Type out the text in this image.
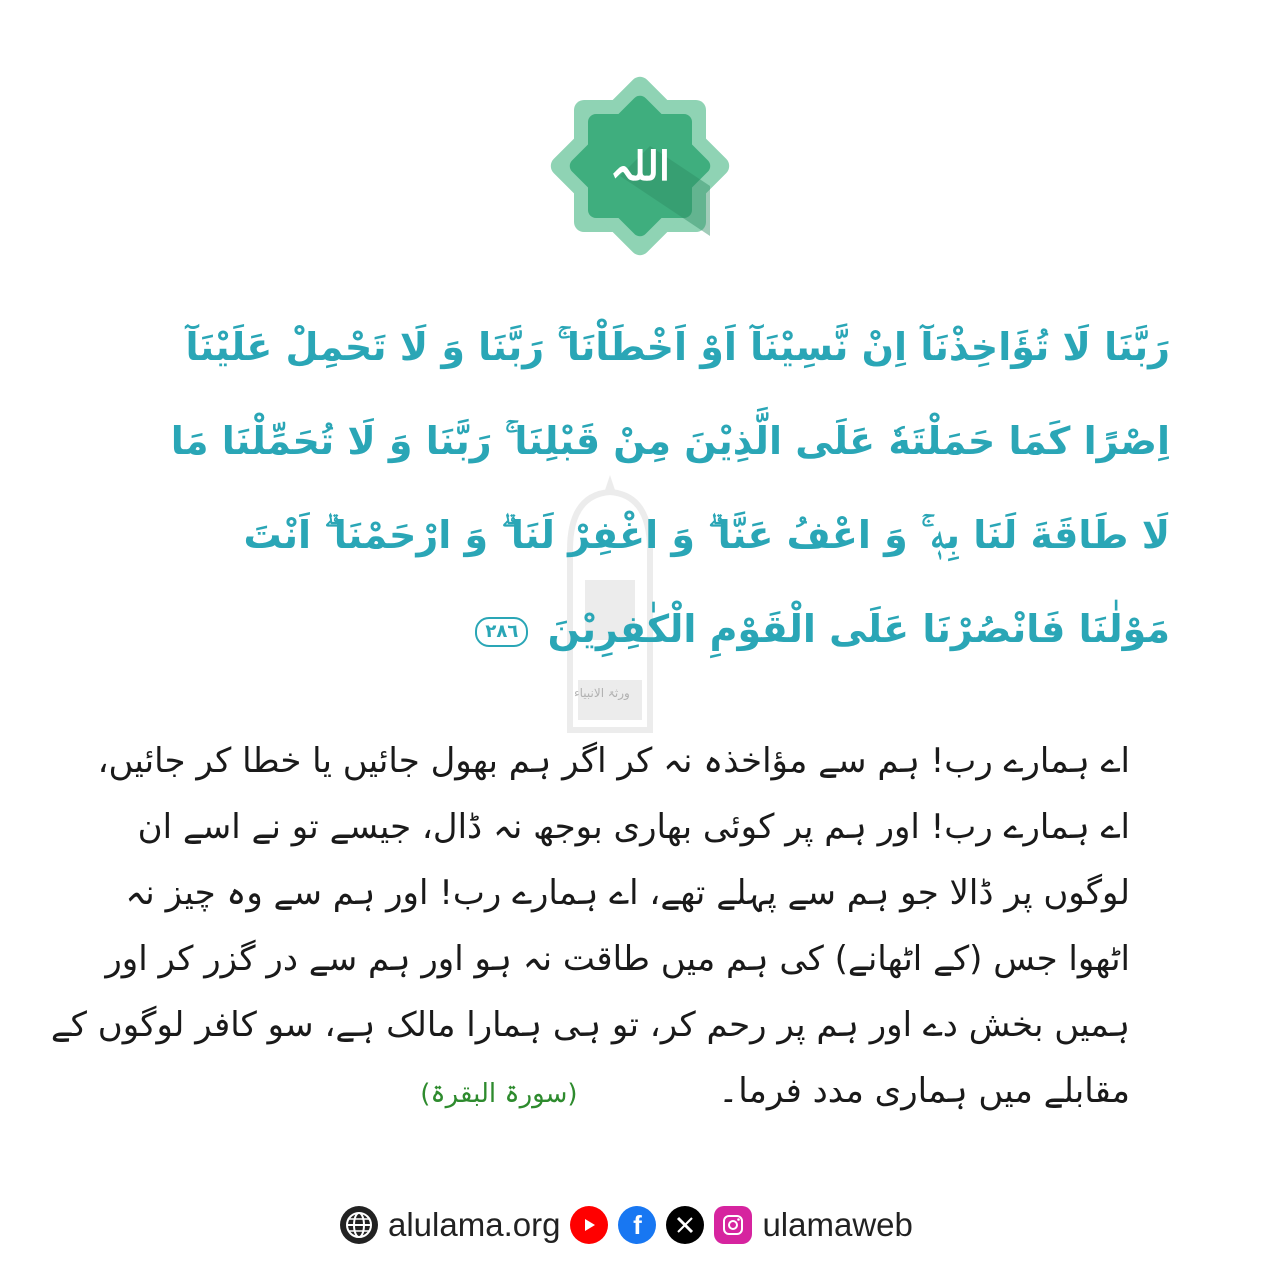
اللہ
ورثۃ الانبیاء
رَبَّنَا لَا تُؤَاخِذْنَآ اِنْ نَّسِيْنَآ اَوْ اَخْطَاْنَا ۚ رَبَّنَا وَ لَا تَحْمِلْ عَلَيْنَآ
اِصْرًا كَمَا حَمَلْتَهٗ عَلَى الَّذِيْنَ مِنْ قَبْلِنَا ۚ رَبَّنَا وَ لَا تُحَمِّلْنَا مَا
لَا طَاقَةَ لَنَا بِهٖ ۚ وَ اعْفُ عَنَّا ۗ وَ اغْفِرْ لَنَا ۗ وَ ارْحَمْنَا ۗ اَنْتَ
مَوْلٰنَا فَانْصُرْنَا عَلَى الْقَوْمِ الْكٰفِرِيْنَ ٢٨٦
اے ہمارے رب! ہم سے مؤاخذہ نہ کر اگر ہم بھول جائیں یا خطا کر جائیں،
اے ہمارے رب! اور ہم پر کوئی بھاری بوجھ نہ ڈال، جیسے تو نے اسے ان
لوگوں پر ڈالا جو ہم سے پہلے تھے، اے ہمارے رب! اور ہم سے وہ چیز نہ
اٹھوا جس (کے اٹھانے) کی ہم میں طاقت نہ ہو اور ہم سے در گزر کر اور
ہمیں بخش دے اور ہم پر رحم کر، تو ہی ہمارا مالک ہے، سو کافر لوگوں کے
مقابلے میں ہماری مدد فرما۔ (سورۃ البقرۃ)
alulama.org	f	ulamaweb
